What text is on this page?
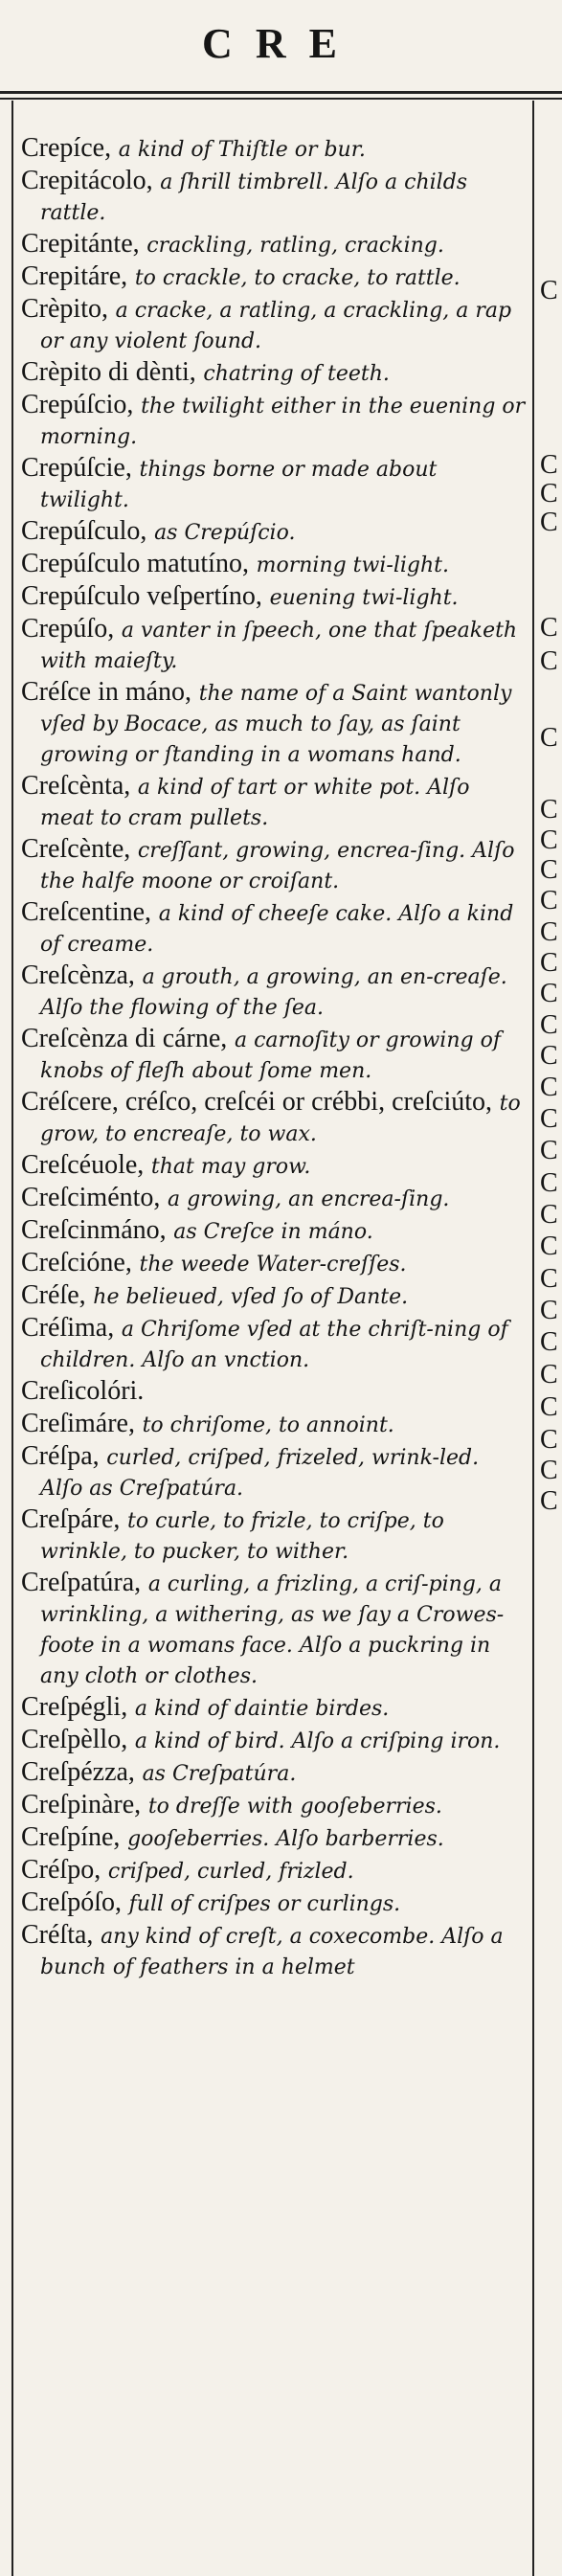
CRE
C
C
C
C
C
C
C
C
C
C
C
C
C
C
C
C
C
C
C
C
C
C
C
C
C
C
C
C
C
C

Crepíce, a kind of Thiſtle or bur.

Crepitácolo, a ſhrill timbrell. Alſo a childs rattle.

Crepitánte, crackling, ratling, cracking.

Crepitáre, to crackle, to cracke, to rattle.

Crèpito, a cracke, a ratling, a crackling, a rap or any violent ſound.

Crèpito di dènti, chatring of teeth.

Crepúſcio, the twilight either in the euening or morning.

Crepúſcie, things borne or made about twilight.

Crepúſculo, as Crepúſcio.

Crepúſculo matutíno, morning twi-light.

Crepúſculo veſpertíno, euening twi-light.

Crepúſo, a vanter in ſpeech, one that ſpeaketh with maieſty.

Créſce in máno, the name of a Saint wantonly vſed by Bocace, as much to ſay, as ſaint growing or ſtanding in a womans hand.

Creſcènta, a kind of tart or white pot. Alſo meat to cram pullets.

Creſcènte, creſſant, growing, encrea-ſing. Alſo the halfe moone or croiſant.

Creſcentine, a kind of cheeſe cake. Alſo a kind of creame.

Creſcènza, a grouth, a growing, an en-creaſe. Alſo the flowing of the ſea.

Creſcènza di cárne, a carnoſity or growing of knobs of fleſh about ſome men.

Créſcere, créſco, creſcéi or crébbi, creſciúto, to grow, to encreaſe, to wax.

Creſcéuole, that may grow.

Creſciménto, a growing, an encrea-ſing.

Creſcinmáno, as Creſce in máno.

Creſcióne, the weede Water-creſſes.

Créſe, he belieued, vſed ſo of Dante.

Créſima, a Chriſome vſed at the chriſt-ning of children. Alſo an vnction.

Creſicolóri.

Creſimáre, to chriſome, to annoint.

Créſpa, curled, criſped, frizeled, wrink-led. Alſo as Creſpatúra.

Creſpáre, to curle, to frizle, to criſpe, to wrinkle, to pucker, to wither.

Creſpatúra, a curling, a frizling, a criſ-ping, a wrinkling, a withering, as we ſay a Crowes-foote in a womans face. Alſo a puckring in any cloth or clothes.

Creſpégli, a kind of daintie birdes.

Creſpèllo, a kind of bird. Alſo a criſping iron.

Creſpézza, as Creſpatúra.

Creſpinàre, to dreſſe with gooſeberries.

Creſpíne, gooſeberries. Alſo barberries.

Créſpo, criſped, curled, frizled.

Creſpóſo, full of criſpes or curlings.

Créſta, any kind of creſt, a coxecombe. Alſo a bunch of feathers in a helmet
